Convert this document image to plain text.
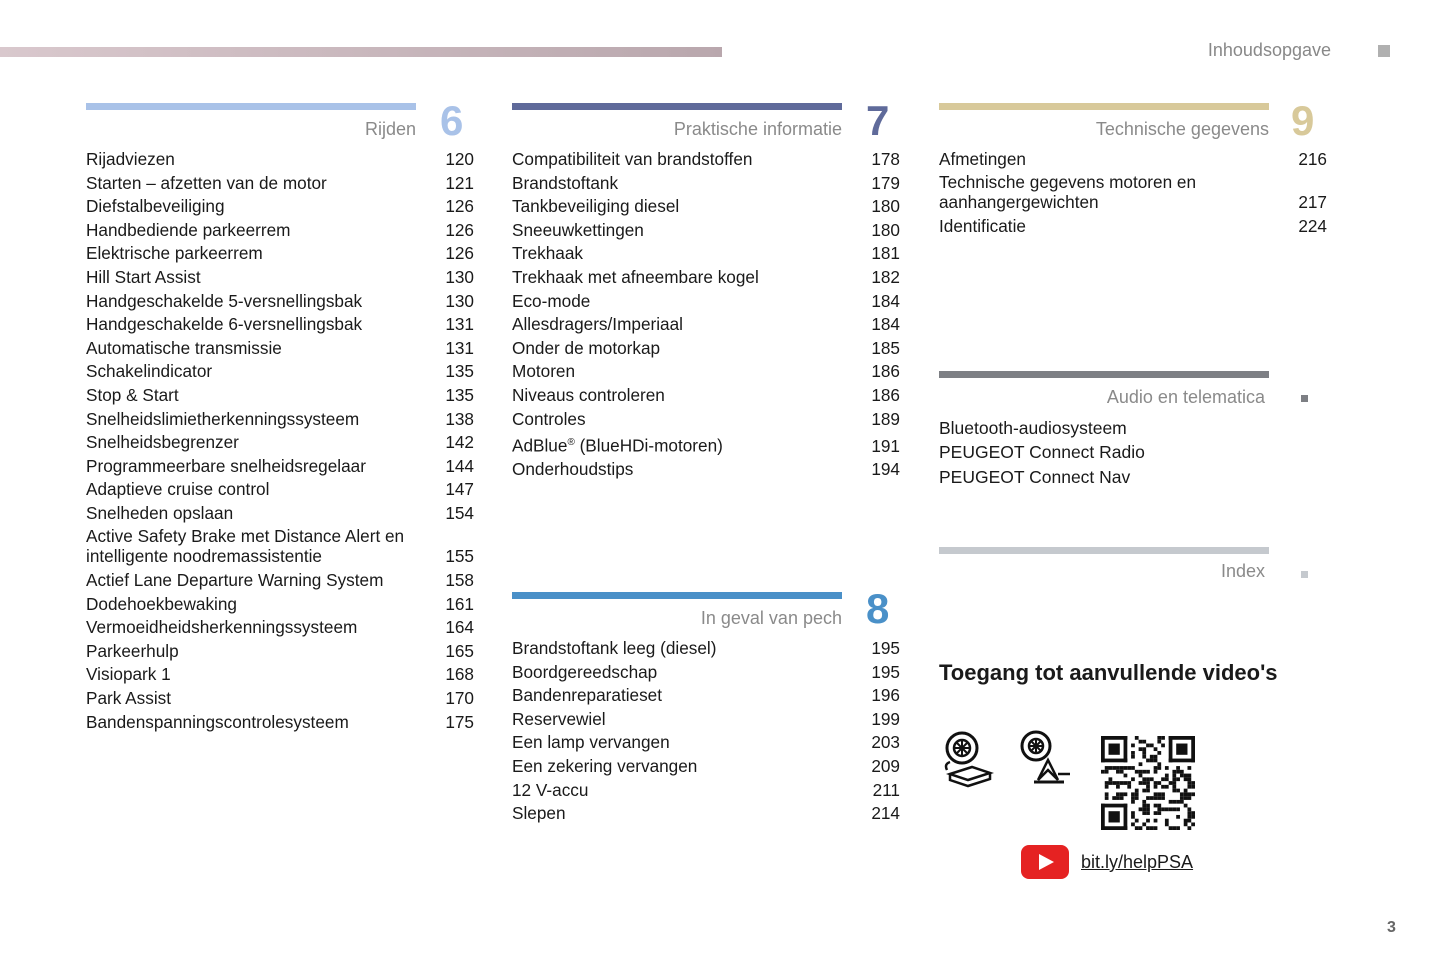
Inhoudsopgave
3
Rijden 6
Rijadviezen	120
Starten – afzetten van de motor	121
Diefstalbeveiliging	126
Handbediende parkeerrem	126
Elektrische parkeerrem	126
Hill Start Assist	130
Handgeschakelde 5-versnellingsbak	130
Handgeschakelde 6-versnellingsbak	131
Automatische transmissie	131
Schakelindicator	135
Stop & Start	135
Snelheidslimietherkenningssysteem	138
Snelheidsbegrenzer	142
Programmeerbare snelheidsregelaar	144
Adaptieve cruise control	147
Snelheden opslaan	154
Active Safety Brake met Distance Alert en intelligente noodremassistentie	155
Actief Lane Departure Warning System	158
Dodehoekbewaking	161
Vermoeidheidsherkenningssysteem	164
Parkeerhulp	165
Visiopark 1	168
Park Assist	170
Bandenspanningscontrolesysteem	175
Praktische informatie 7
Compatibiliteit van brandstoffen	178
Brandstoftank	179
Tankbeveiliging diesel	180
Sneeuwkettingen	180
Trekhaak	181
Trekhaak met afneembare kogel	182
Eco-mode	184
Allesdragers/Imperiaal	184
Onder de motorkap	185
Motoren	186
Niveaus controleren	186
Controles	189
AdBlue® (BlueHDi-motoren)	191
Onderhoudstips	194
In geval van pech 8
Brandstoftank leeg (diesel)	195
Boordgereedschap	195
Bandenreparatieset	196
Reservewiel	199
Een lamp vervangen	203
Een zekering vervangen	209
12 V-accu	211
Slepen	214
Technische gegevens 9
Afmetingen	216
Technische gegevens motoren en aanhangergewichten	217
Identificatie	224
Audio en telematica
Bluetooth-audiosysteem
PEUGEOT Connect Radio
PEUGEOT Connect Nav
Index
Toegang tot aanvullende video's
bit.ly/helpPSA
